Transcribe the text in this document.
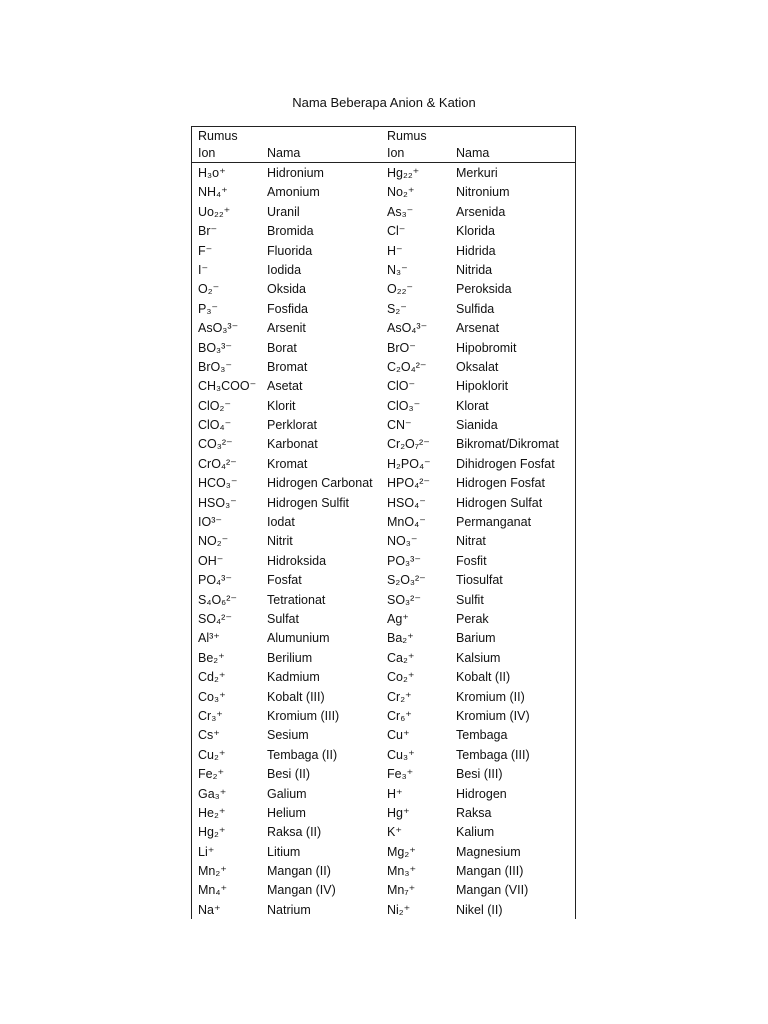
Nama Beberapa Anion & Kation
Rumus
Ion	Nama
Rumus
Ion	Nama
H₃o⁺	Hidronium	Hg₂₂⁺	Merkuri
NH₄⁺	Amonium	No₂⁺	Nitronium
Uo₂₂⁺	Uranil	As₃⁻	Arsenida
Br⁻	Bromida	Cl⁻	Klorida
F⁻	Fluorida	H⁻	Hidrida
I⁻	Iodida	N₃⁻	Nitrida
O₂⁻	Oksida	O₂₂⁻	Peroksida
P₃⁻	Fosfida	S₂⁻	Sulfida
AsO₃³⁻ Arsenit	AsO₄³⁻ Arsenat
BO₃³⁻	Borat	BrO⁻	Hipobromit
BrO₃⁻	Bromat	C₂O₄²⁻ Oksalat
CH₃COO⁻ Asetat	ClO⁻	Hipoklorit
ClO₂⁻	Klorit	ClO₃⁻	Klorat
ClO₄⁻	Perklorat	CN⁻	Sianida
CO₃²⁻	Karbonat	Cr₂O₇²⁻ Bikromat/Dikromat
CrO₄²⁻ Kromat	H₂PO₄⁻ Dihidrogen Fosfat
HCO₃⁻ Hidrogen Carbonat HPO₄²⁻ Hidrogen Fosfat
HSO₃⁻ Hidrogen Sulfit	HSO₄⁻ Hidrogen Sulfat
IO³⁻	Iodat	MnO₄⁻ Permanganat
NO₂⁻	Nitrit	NO₃⁻	Nitrat
OH⁻	Hidroksida	PO₃³⁻	Fosfit
PO₄³⁻	Fosfat	S₂O₃²⁻ Tiosulfat
S₄O₆²⁻ Tetrationat	SO₃²⁻	Sulfit
SO₄²⁻	Sulfat	Ag⁺	Perak
Al³⁺	Alumunium	Ba₂⁺	Barium
Be₂⁺	Berilium	Ca₂⁺	Kalsium
Cd₂⁺	Kadmium	Co₂⁺	Kobalt (II)
Co₃⁺	Kobalt (III)	Cr₂⁺	Kromium (II)
Cr₃⁺	Kromium (III)	Cr₆⁺	Kromium (IV)
Cs⁺	Sesium	Cu⁺	Tembaga
Cu₂⁺	Tembaga (II)	Cu₃⁺	Tembaga (III)
Fe₂⁺	Besi (II)	Fe₃⁺	Besi (III)
Ga₃⁺	Galium	H⁺	Hidrogen
He₂⁺	Helium	Hg⁺	Raksa
Hg₂⁺	Raksa (II)	K⁺	Kalium
Li⁺	Litium	Mg₂⁺	Magnesium
Mn₂⁺	Mangan (II)	Mn₃⁺	Mangan (III)
Mn₄⁺	Mangan (IV)	Mn₇⁺	Mangan (VII)
Na⁺	Natrium	Ni₂⁺	Nikel (II)
